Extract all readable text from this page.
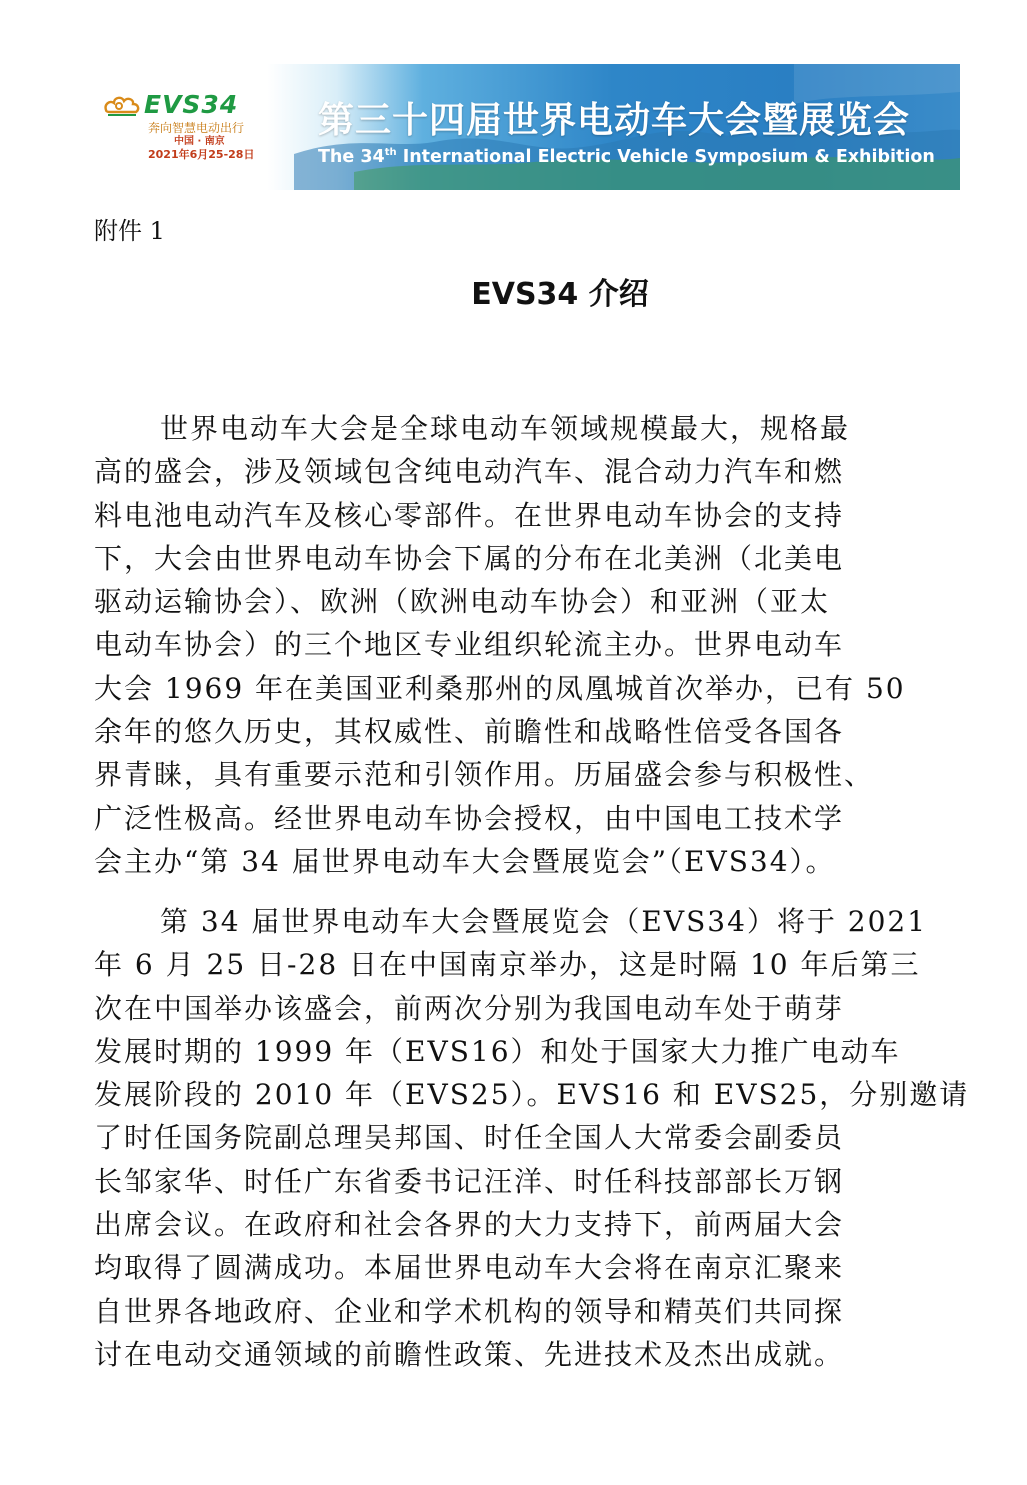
EVS34
奔向智慧电动出行
中国 · 南京
2021年6月25-28日
第三十四届世界电动车大会暨展览会
The 34th International Electric Vehicle Symposium & Exhibition
附件 1
EVS34 介绍
世界电动车大会是全球电动车领域规模最大，规格最
高的盛会，涉及领域包含纯电动汽车、混合动力汽车和燃
料电池电动汽车及核心零部件。在世界电动车协会的支持
下，大会由世界电动车协会下属的分布在北美洲（北美电
驱动运输协会）、欧洲（欧洲电动车协会）和亚洲（亚太
电动车协会）的三个地区专业组织轮流主办。世界电动车
大会 1969 年在美国亚利桑那州的凤凰城首次举办，已有 50
余年的悠久历史，其权威性、前瞻性和战略性倍受各国各
界青睐，具有重要示范和引领作用。历届盛会参与积极性、
广泛性极高。经世界电动车协会授权，由中国电工技术学
会主办“第 34 届世界电动车大会暨展览会”（EVS34）。
第 34 届世界电动车大会暨展览会（EVS34）将于 2021
年 6 月 25 日-28 日在中国南京举办，这是时隔 10 年后第三
次在中国举办该盛会，前两次分别为我国电动车处于萌芽
发展时期的 1999 年（EVS16）和处于国家大力推广电动车
发展阶段的 2010 年（EVS25）。EVS16 和 EVS25，分别邀请
了时任国务院副总理吴邦国、时任全国人大常委会副委员
长邹家华、时任广东省委书记汪洋、时任科技部部长万钢
出席会议。在政府和社会各界的大力支持下，前两届大会
均取得了圆满成功。本届世界电动车大会将在南京汇聚来
自世界各地政府、企业和学术机构的领导和精英们共同探
讨在电动交通领域的前瞻性政策、先进技术及杰出成就。
